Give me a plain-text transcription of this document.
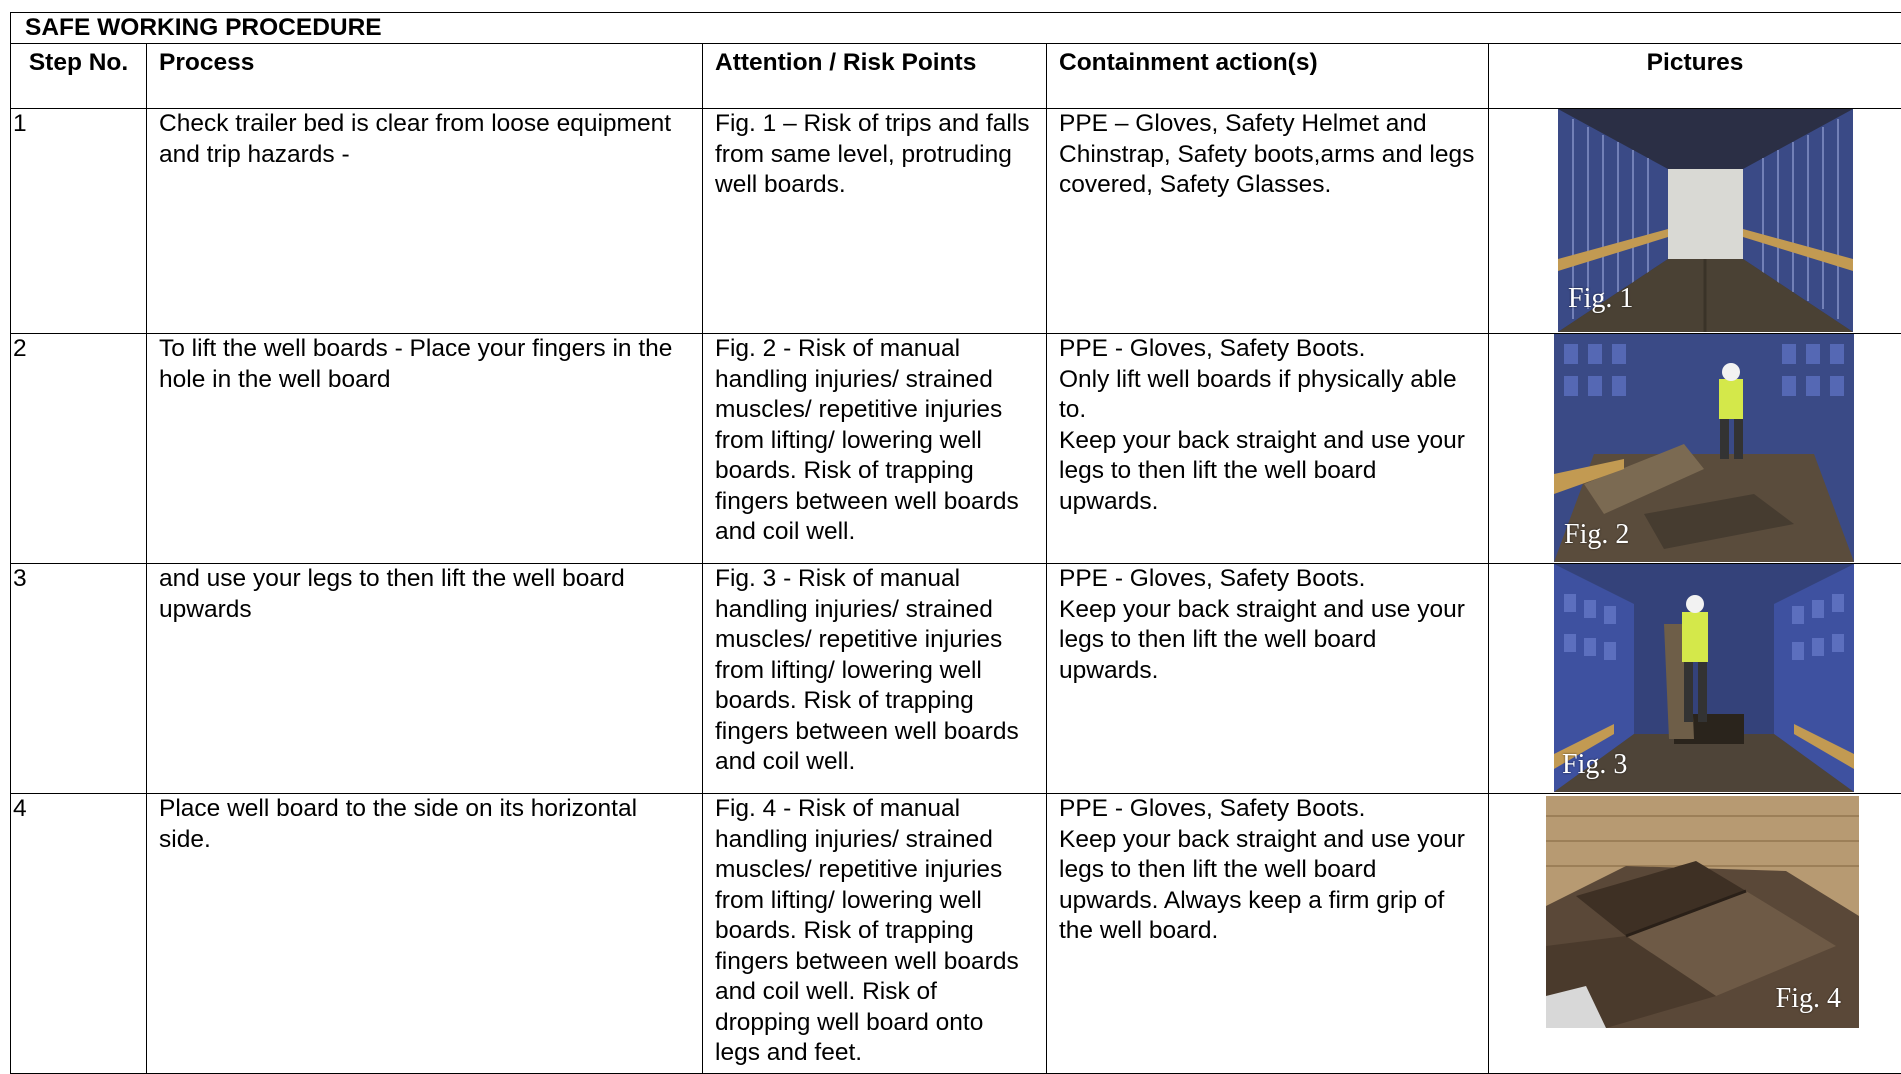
SAFE WORKING PROCEDURE				
Step No.	Process	Attention / Risk Points	Containment action(s)	Pictures
1	Check trailer bed is clear from loose equipment and trip hazards -	Fig. 1 – Risk of trips and falls from same level, protruding well boards.	PPE – Gloves, Safety Helmet and Chinstrap, Safety boots,arms and legs covered, Safety Glasses.	Fig. 1

2	To lift the well boards - Place your fingers in the hole in the well board	Fig. 2 - Risk of manual handling injuries/ strained muscles/ repetitive injuries from lifting/ lowering well boards. Risk of trapping fingers between well boards and coil well.	PPE - Gloves, Safety Boots.
Only lift well boards if physically able to.
Keep your back straight and use your legs to then lift the well board upwards.	Fig. 2

3	and use your legs to then lift the well board upwards	Fig. 3 - Risk of manual handling injuries/ strained muscles/ repetitive injuries from lifting/ lowering well boards. Risk of trapping fingers between well boards and coil well.	PPE - Gloves, Safety Boots.
Keep your back straight and use your legs to then lift the well board upwards.	Fig. 3

4	Place well board to the side on its horizontal side.	Fig. 4 - Risk of manual handling injuries/ strained muscles/ repetitive injuries from lifting/ lowering well boards. Risk of trapping fingers between well boards and coil well. Risk of dropping well board onto legs and feet.	PPE - Gloves, Safety Boots.
Keep your back straight and use your legs to then lift the well board upwards. Always keep a firm grip of the well board.	Fig. 4
